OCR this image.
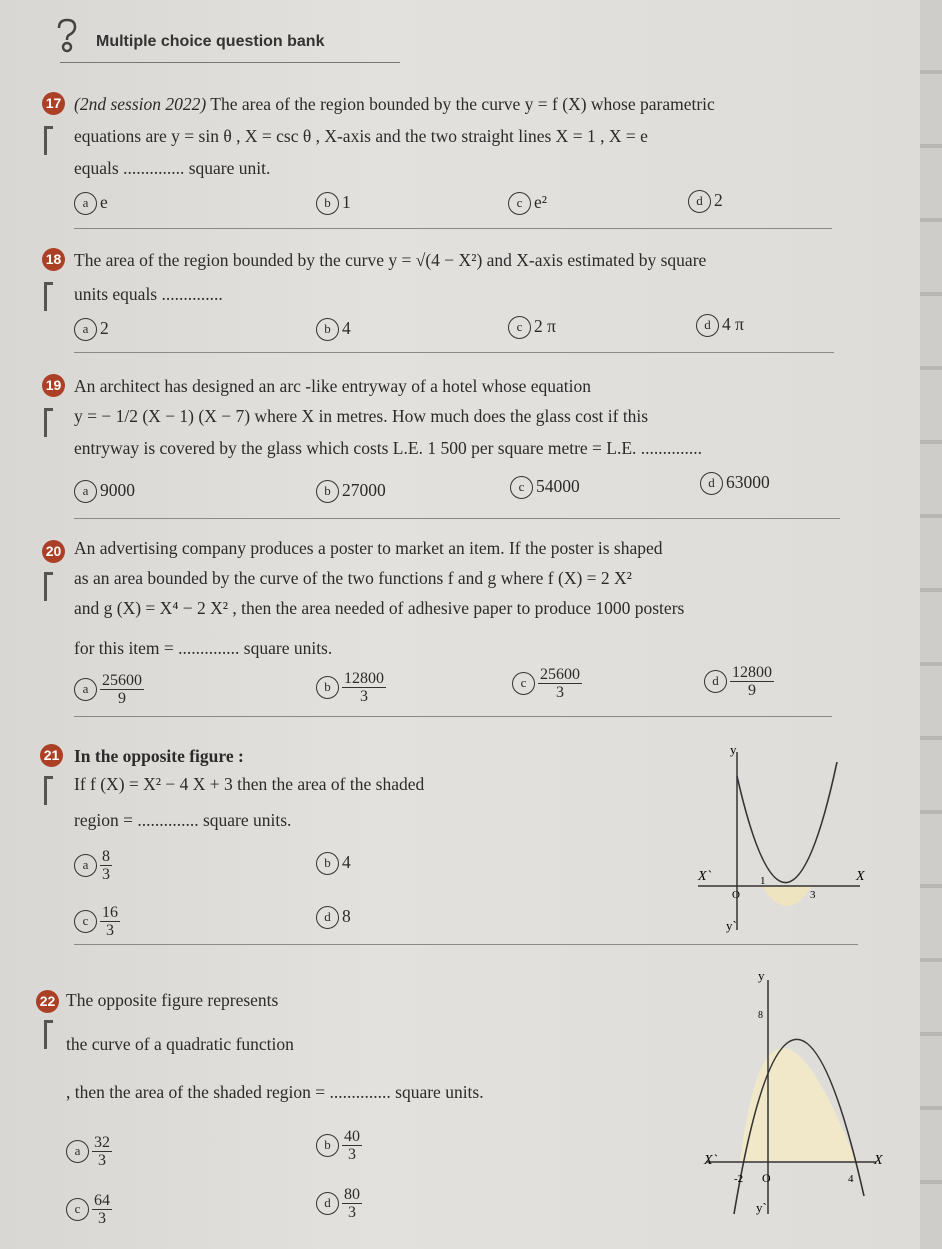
Multiple choice question bank
17 (2nd session 2022) The area of the region bounded by the curve y = f (X) whose parametric
equations are y = sin θ , X = csc θ , X-axis and the two straight lines X = 1 , X = e
equals .............. square unit.
a e	b 1	c e²	d 2
18 The area of the region bounded by the curve y = √(4 − X²) and X-axis estimated by square
units equals ..............
a 2	b 4	c 2 π	d 4 π
19 An architect has designed an arc -like entryway of a hotel whose equation
y = − 1/2 (X − 1) (X − 7) where X in metres. How much does the glass cost if this
entryway is covered by the glass which costs L.E. 1 500 per square metre = L.E. ..............
a 9000	b 27000	c 54000	d 63000
20 An advertising company produces a poster to market an item. If the poster is shaped
as an area bounded by the curve of the two functions f and g where f (X) = 2 X²
and g (X) = X⁴ − 2 X² , then the area needed of adhesive paper to produce 1000 posters
for this item = .............. square units.
a $\frac{25600}{9}$	b $\frac{12800}{3}$	c $\frac{25600}{3}$	d $\frac{12800}{9}$
21 In the opposite figure :
If f (X) = X² − 4 X + 3 then the area of the shaded
region = .............. square units.
a $\frac{8}{3}$	b 4
c $\frac{16}{3}$	d 8
y
X
X`
y`
O
1
3
22 The opposite figure represents
the curve of a quadratic function
, then the area of the shaded region = .............. square units.
a $\frac{32}{3}$	b $\frac{40}{3}$
c $\frac{64}{3}$	d $\frac{80}{3}$
y
X
X`
y`
O
8
-2	4
